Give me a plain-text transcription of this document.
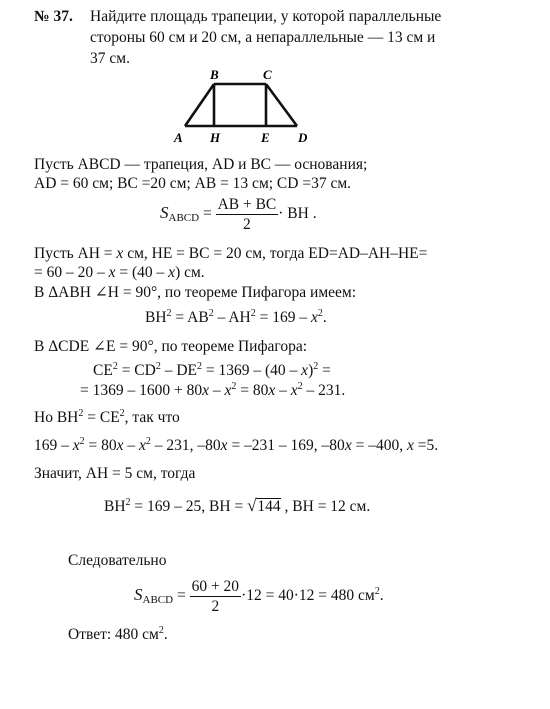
№ 37. Найдите площадь трапеции, у которой параллельные
стороны 60 см и 20 см, а непараллельные — 13 см и
37 см.
B	C
A H	E D
Пусть ABCD — трапеция, AD и BC — основания;
AD = 60 см; BC =20 см; AB = 13 см; CD =37 см.
$S_{ABCD} = \frac{AB + BC}{2}$ · BH .
Пусть AH = x см, HE = BC = 20 см, тогда ED=AD–AH–HE=
= 60 – 20 – x = (40 – x) см.
В ΔABH ∠H = 90°, по теореме Пифагора имеем:
$BH^2 = AB^2 - AH^2 = 169 - x^2$.
В ΔCDE ∠E = 90°, по теореме Пифагора:
$CE^2 = CD^2 - DE^2 = 1369 - (40 - x)^2$ =
= $1369 - 1600 + 80x - x^2 = 80x - x^2 - 231$.
Но $BH^2 = CE^2$, так что
$169 - x^2 = 80x - x^2 - 231$, –80x = –231 – 169, –80x = –400, x =5.
Значит, AH = 5 см, тогда
$BH^2 = 169 - 25$, BH = √144 , BH = 12 см.
Следовательно
$S_{ABCD} = \frac{60 + 20}{2} \cdot 12 = 40\cdot 12 = 480$ $см^2$.
Ответ: 480 $см^2$.
